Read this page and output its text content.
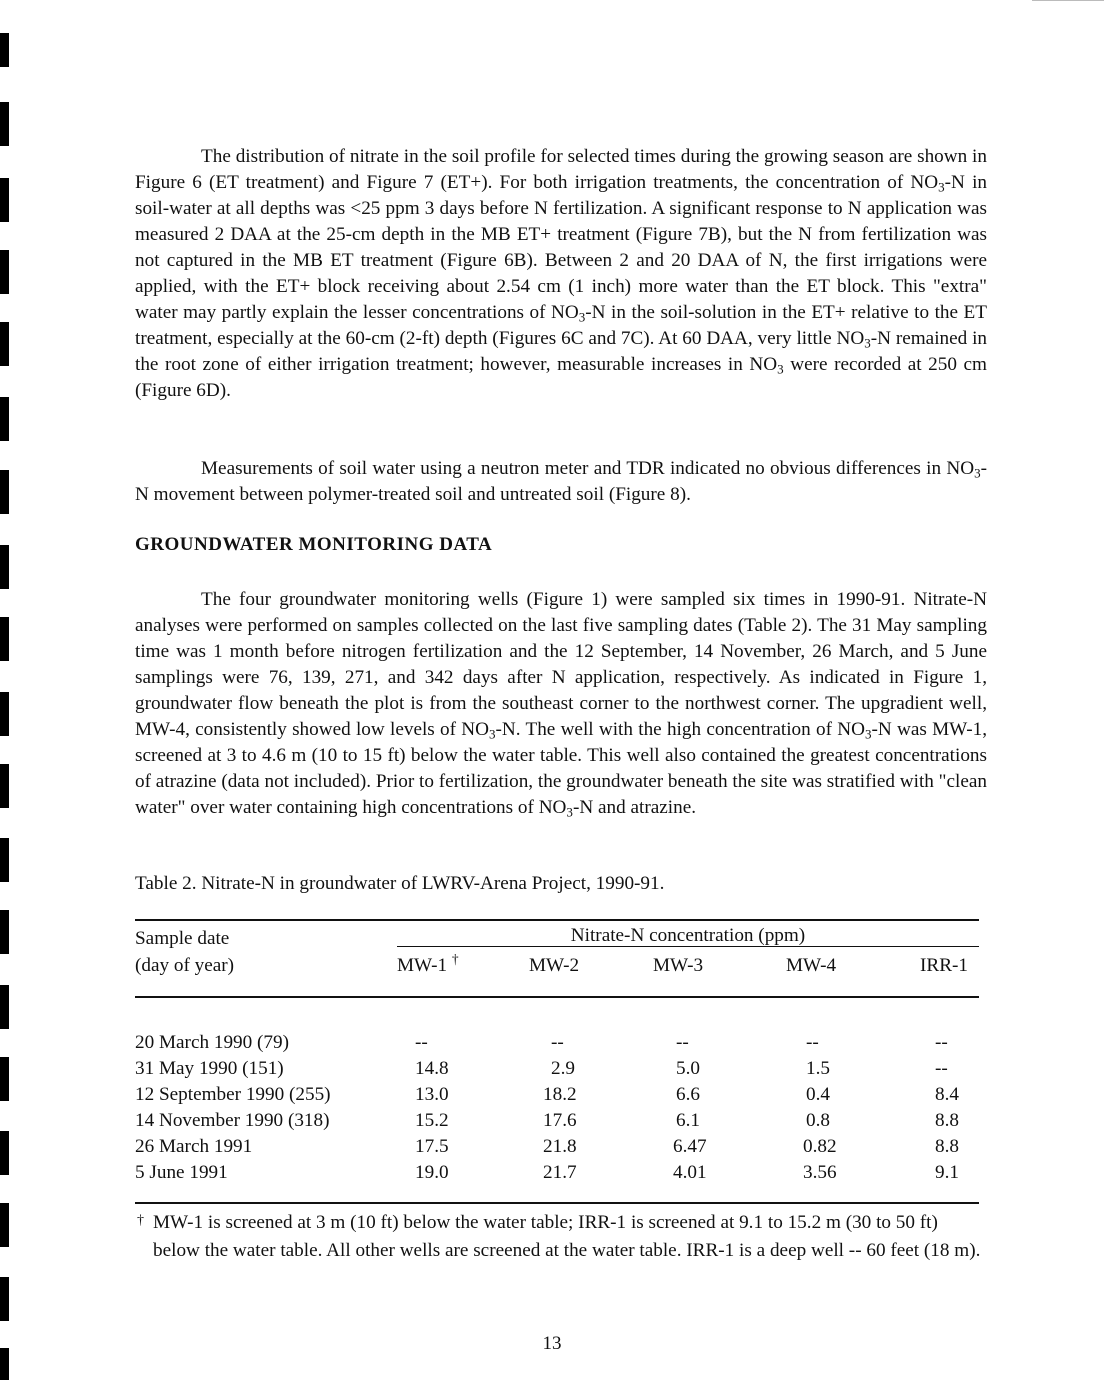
The distribution of nitrate in the soil profile for selected times during the growing season are shown in Figure 6 (ET treatment) and Figure 7 (ET+). For both irrigation treatments, the concentration of $NO_3-N$ in soil-water at all depths was <25 ppm 3 days before N fertilization. A significant response to N application was measured 2 DAA at the 25-cm depth in the MB ET+ treatment (Figure 7B), but the N from fertilization was not captured in the MB ET treatment (Figure 6B). Between 2 and 20 DAA of N, the first irrigations were applied, with the ET+ block receiving about 2.54 cm (1 inch) more water than the ET block. This "extra" water may partly explain the lesser concentrations of $NO_3-N$ in the soil-solution in the ET+ relative to the ET treatment, especially at the 60-cm (2-ft) depth (Figures 6C and 7C). At 60 DAA, very little $NO_3-N$ remained in the root zone of either irrigation treatment; however, measurable increases in $NO_3$ were recorded at 250 cm (Figure 6D).

Measurements of soil water using a neutron meter and TDR indicated no obvious differences in $NO_3-N$ movement between polymer-treated soil and untreated soil (Figure 8).

GROUNDWATER MONITORING DATA

The four groundwater monitoring wells (Figure 1) were sampled six times in 1990-91. Nitrate-N analyses were performed on samples collected on the last five sampling dates (Table 2). The 31 May sampling time was 1 month before nitrogen fertilization and the 12 September, 14 November, 26 March, and 5 June samplings were 76, 139, 271, and 342 days after N application, respectively. As indicated in Figure 1, groundwater flow beneath the plot is from the southeast corner to the northwest corner. The upgradient well, MW-4, consistently showed low levels of $NO_3-N$. The well with the high concentration of $NO_3-N$ was MW-1, screened at 3 to 4.6 m (10 to 15 ft) below the water table. This well also contained the greatest concentrations of atrazine (data not included). Prior to fertilization, the groundwater beneath the site was stratified with "clean water" over water containing high concentrations of $NO_3-N$ and atrazine.

Table 2. Nitrate-N in groundwater of LWRV-Arena Project, 1990-91.

Sample date
(day of year)
Nitrate-N concentration (ppm)
MW-1 †	MW-2	MW-3	MW-4	IRR-1
20 March 1990 (79)	--	--	--	--	--
31 May 1990 (151)	14.8	2.9	5.0	1.5	--
12 September 1990 (255)	13.0	18.2	6.6	0.4	8.4
14 November 1990 (318)	15.2	17.6	6.1	0.8	8.8
26 March 1991	17.5	21.8	6.47	0.82	8.8
5 June 1991	19.0	21.7	4.01	3.56	9.1

† MW-1 is screened at 3 m (10 ft) below the water table; IRR-1 is screened at 9.1 to 15.2 m (30 to 50 ft) below the water table. All other wells are screened at the water table. IRR-1 is a deep well -- 60 feet (18 m).

13
